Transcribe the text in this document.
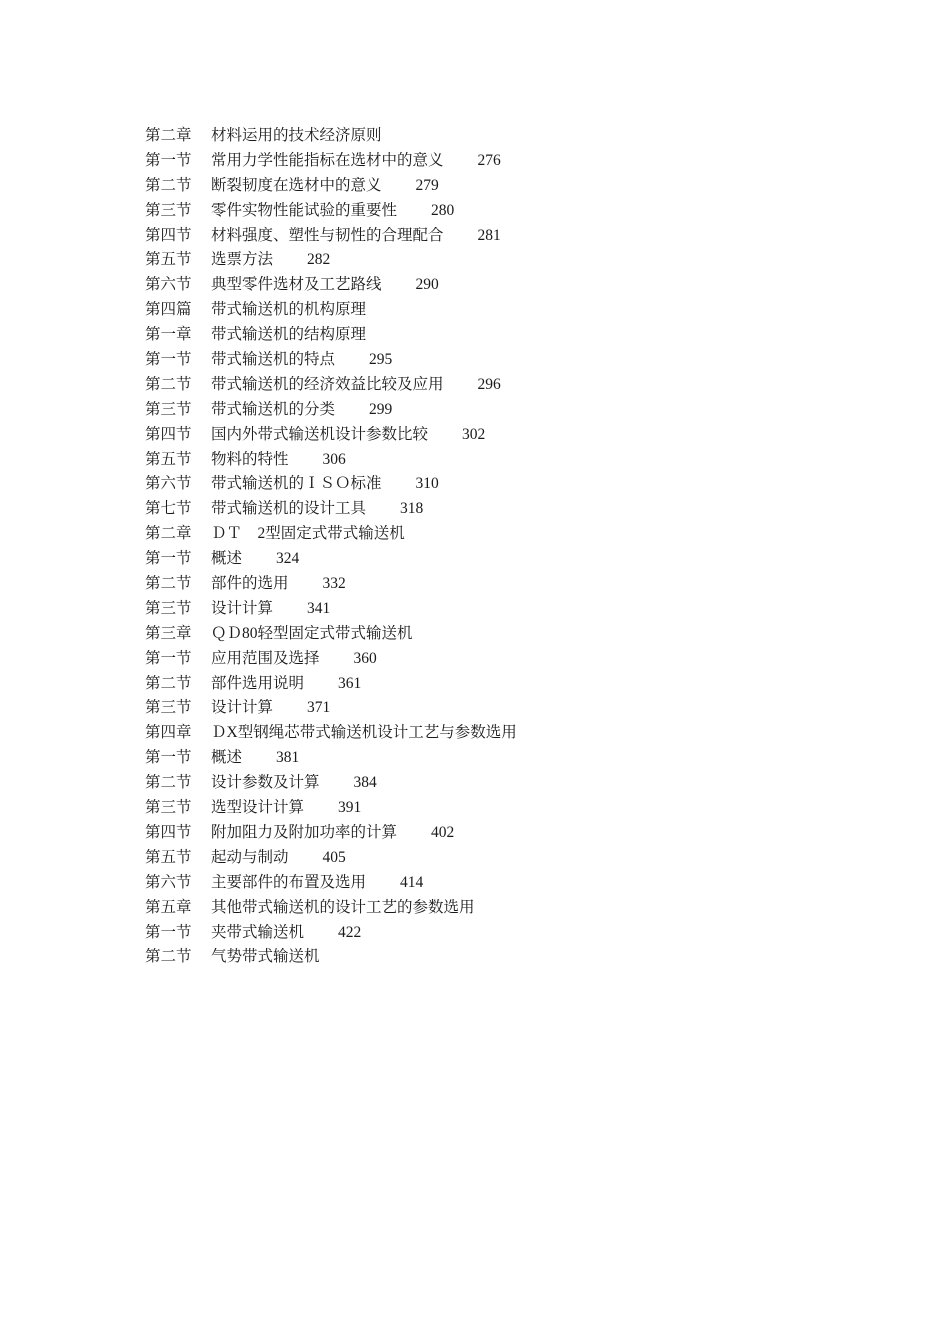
第二章 材料运用的技术经济原则
第一节 常用力学性能指标在选材中的意义 276
第二节 断裂韧度在选材中的意义 279
第三节 零件实物性能试验的重要性 280
第四节 材料强度、塑性与韧性的合理配合 281
第五节 选票方法 282
第六节 典型零件选材及工艺路线 290
第四篇 带式输送机的机构原理
第一章 带式输送机的结构原理
第一节 带式输送机的特点 295
第二节 带式输送机的经济效益比较及应用 296
第三节 带式输送机的分类 299
第四节 国内外带式输送机设计参数比较 302
第五节 物料的特性 306
第六节 带式输送机的ＩＳＯ标准 310
第七节 带式输送机的设计工具 318
第二章 ＤＴ　2型固定式带式输送机
第一节 概述 324
第二节 部件的选用 332
第三节 设计计算 341
第三章 ＱＤ80轻型固定式带式输送机
第一节 应用范围及选择 360
第二节 部件选用说明 361
第三节 设计计算 371
第四章 ＤX型钢绳芯带式输送机设计工艺与参数选用
第一节 概述 381
第二节 设计参数及计算 384
第三节 选型设计计算 391
第四节 附加阻力及附加功率的计算 402
第五节 起动与制动 405
第六节 主要部件的布置及选用 414
第五章 其他带式输送机的设计工艺的参数选用
第一节 夹带式输送机 422
第二节 气势带式输送机
